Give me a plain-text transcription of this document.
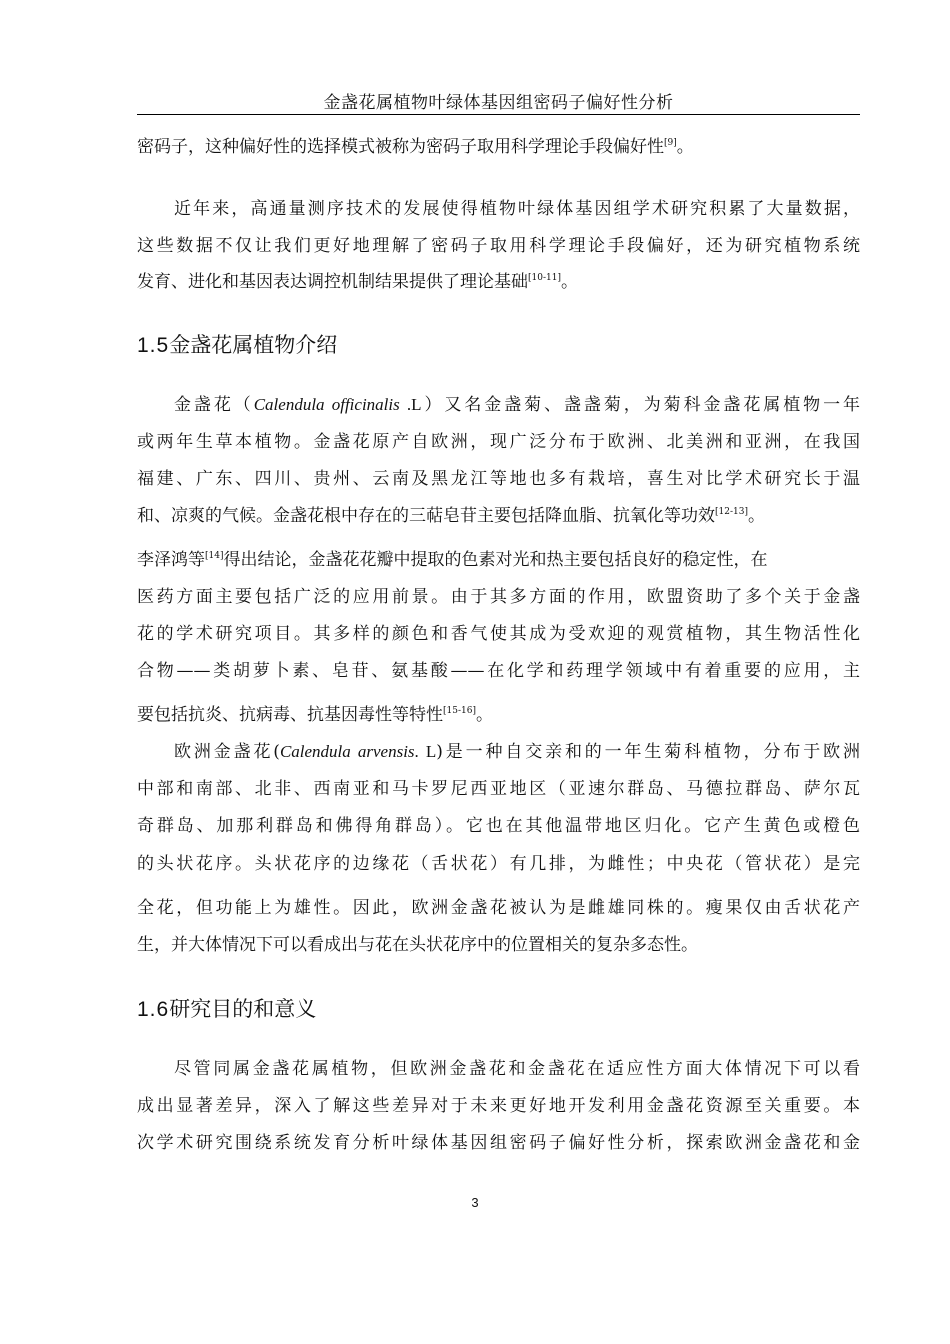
金盏花属植物叶绿体基因组密码子偏好性分析
密码子，这种偏好性的选择模式被称为密码子取用科学理论手段偏好性[9]。
近年来，高通量测序技术的发展使得植物叶绿体基因组学术研究积累了大量数据，
这些数据不仅让我们更好地理解了密码子取用科学理论手段偏好，还为研究植物系统
发育、进化和基因表达调控机制结果提供了理论基础[10-11]。
1.5金盏花属植物介绍
金盏花（Calendula officinalis .L）又名金盏菊、盏盏菊，为菊科金盏花属植物一年
或两年生草本植物。金盏花原产自欧洲，现广泛分布于欧洲、北美洲和亚洲，在我国
福建、广东、四川、贵州、云南及黑龙江等地也多有栽培，喜生对比学术研究长于温
和、凉爽的气候。金盏花根中存在的三萜皂苷主要包括降血脂、抗氧化等功效[12-13]。
李泽鸿等[14]得出结论，金盏花花瓣中提取的色素对光和热主要包括良好的稳定性，在
医药方面主要包括广泛的应用前景。由于其多方面的作用，欧盟资助了多个关于金盏
花的学术研究项目。其多样的颜色和香气使其成为受欢迎的观赏植物，其生物活性化
合物——类胡萝卜素、皂苷、氨基酸——在化学和药理学领域中有着重要的应用，主
要包括抗炎、抗病毒、抗基因毒性等特性[15-16]。
欧洲金盏花(Calendula arvensis. L)是一种自交亲和的一年生菊科植物，分布于欧洲
中部和南部、北非、西南亚和马卡罗尼西亚地区（亚速尔群岛、马德拉群岛、萨尔瓦
奇群岛、加那利群岛和佛得角群岛）。它也在其他温带地区归化。它产生黄色或橙色
的头状花序。头状花序的边缘花（舌状花）有几排，为雌性；中央花（管状花）是完
全花，但功能上为雄性。因此，欧洲金盏花被认为是雌雄同株的。瘦果仅由舌状花产
生，并大体情况下可以看成出与花在头状花序中的位置相关的复杂多态性。
1.6研究目的和意义
尽管同属金盏花属植物，但欧洲金盏花和金盏花在适应性方面大体情况下可以看
成出显著差异，深入了解这些差异对于未来更好地开发利用金盏花资源至关重要。本
次学术研究围绕系统发育分析叶绿体基因组密码子偏好性分析，探索欧洲金盏花和金
3
